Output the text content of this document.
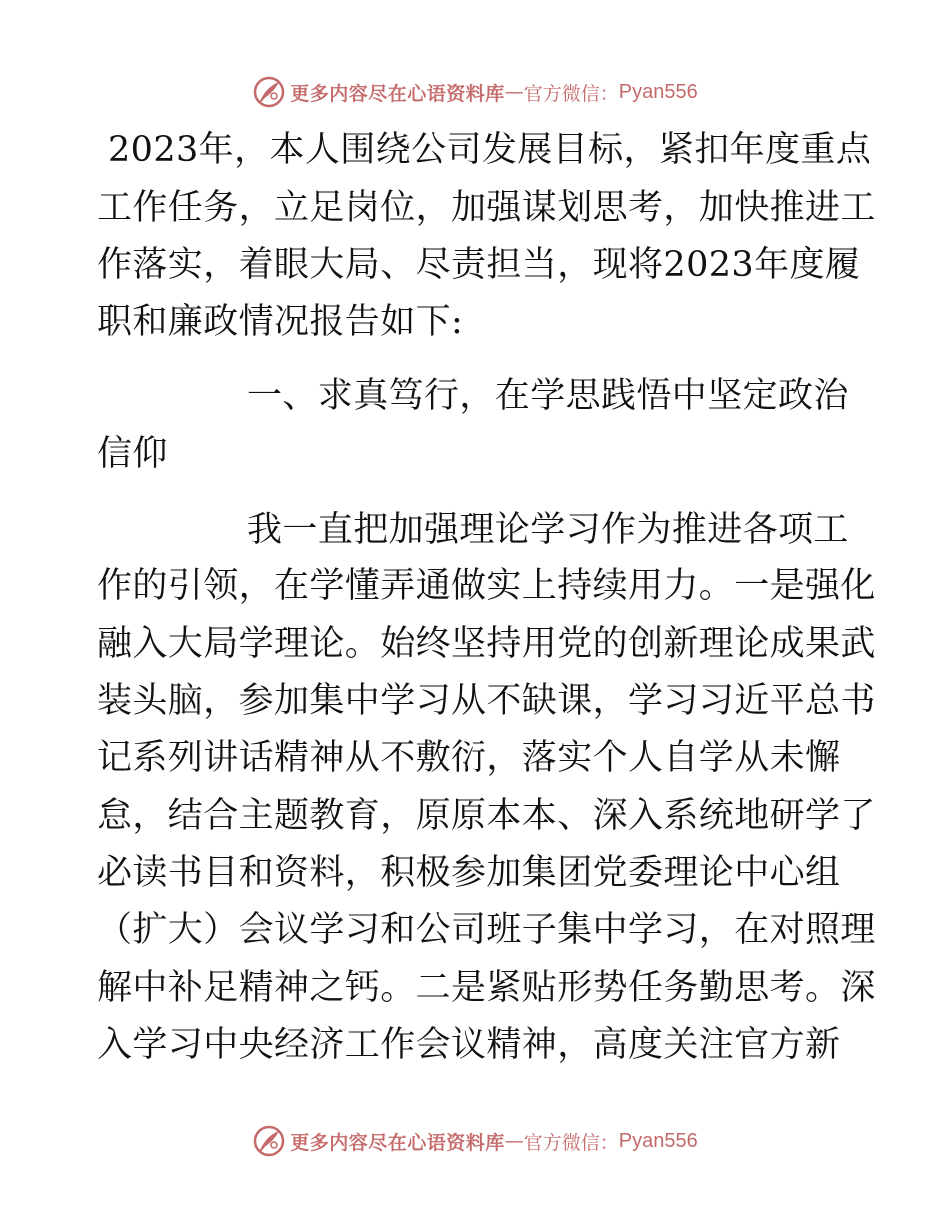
更多内容尽在心语资料库 — 官方微信： Pyan556
2023年，本人围绕公司发展目标，紧扣年度重点
工作任务，立足岗位，加强谋划思考，加快推进工
作落实，着眼大局、尽责担当，现将2023年度履
职和廉政情况报告如下:
一、求真笃行，在学思践悟中坚定政治
信仰
我一直把加强理论学习作为推进各项工
作的引领，在学懂弄通做实上持续用力。一是强化
融入大局学理论。始终坚持用党的创新理论成果武
装头脑，参加集中学习从不缺课，学习习近平总书
记系列讲话精神从不敷衍，落实个人自学从未懈
怠，结合主题教育，原原本本、深入系统地研学了
必读书目和资料，积极参加集团党委理论中心组
（扩大）会议学习和公司班子集中学习，在对照理
解中补足精神之钙。二是紧贴形势任务勤思考。深
入学习中央经济工作会议精神，高度关注官方新
更多内容尽在心语资料库 — 官方微信： Pyan556
